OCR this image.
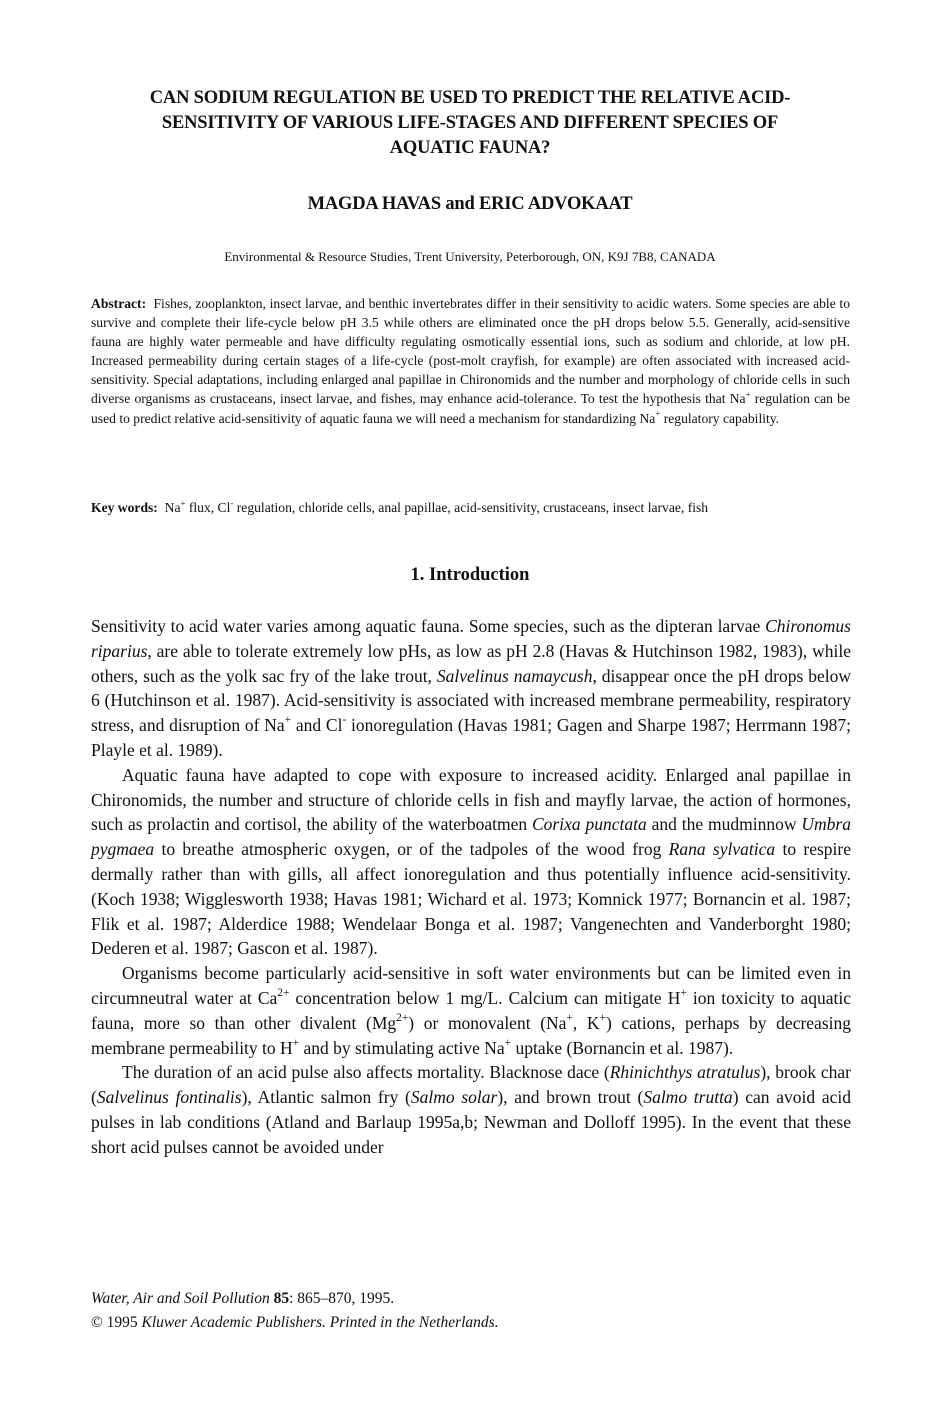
CAN SODIUM REGULATION BE USED TO PREDICT THE RELATIVE ACID-
SENSITIVITY OF VARIOUS LIFE-STAGES AND DIFFERENT SPECIES OF
AQUATIC FAUNA?
MAGDA HAVAS and ERIC ADVOKAAT
Environmental & Resource Studies, Trent University, Peterborough, ON, K9J 7B8, CANADA
Abstract: Fishes, zooplankton, insect larvae, and benthic invertebrates differ in their sensitivity to acidic waters. Some species are able to survive and complete their life-cycle below pH 3.5 while others are eliminated once the pH drops below 5.5. Generally, acid-sensitive fauna are highly water permeable and have difficulty regulating osmotically essential ions, such as sodium and chloride, at low pH. Increased permeability during certain stages of a life-cycle (post-molt crayfish, for example) are often associated with increased acid-sensitivity. Special adaptations, including enlarged anal papillae in Chironomids and the number and morphology of chloride cells in such diverse organisms as crustaceans, insect larvae, and fishes, may enhance acid-tolerance. To test the hypothesis that Na+ regulation can be used to predict relative acid-sensitivity of aquatic fauna we will need a mechanism for standardizing Na+ regulatory capability.
Key words: Na+ flux, Cl- regulation, chloride cells, anal papillae, acid-sensitivity, crustaceans, insect larvae, fish
1. Introduction

Sensitivity to acid water varies among aquatic fauna. Some species, such as the dipteran larvae Chironomus riparius, are able to tolerate extremely low pHs, as low as pH 2.8 (Havas & Hutchinson 1982, 1983), while others, such as the yolk sac fry of the lake trout, Salvelinus namaycush, disappear once the pH drops below 6 (Hutchinson et al. 1987). Acid-sensitivity is associated with increased membrane permeability, respiratory stress, and disruption of Na+ and Cl- ionoregulation (Havas 1981; Gagen and Sharpe 1987; Herrmann 1987; Playle et al. 1989).

Aquatic fauna have adapted to cope with exposure to increased acidity. Enlarged anal papillae in Chironomids, the number and structure of chloride cells in fish and mayfly larvae, the action of hormones, such as prolactin and cortisol, the ability of the waterboatmen Corixa punctata and the mudminnow Umbra pygmaea to breathe atmospheric oxygen, or of the tadpoles of the wood frog Rana sylvatica to respire dermally rather than with gills, all affect ionoregulation and thus potentially influence acid-sensitivity. (Koch 1938; Wigglesworth 1938; Havas 1981; Wichard et al. 1973; Komnick 1977; Bornancin et al. 1987; Flik et al. 1987; Alderdice 1988; Wendelaar Bonga et al. 1987; Vangenechten and Vanderborght 1980; Dederen et al. 1987; Gascon et al. 1987).

Organisms become particularly acid-sensitive in soft water environments but can be limited even in circumneutral water at $Ca^{2+}$ concentration below 1 mg/L. Calcium can mitigate H+ ion toxicity to aquatic fauna, more so than other divalent $(Mg^{2+})$ or monovalent (Na+, K+) cations, perhaps by decreasing membrane permeability to H+ and by stimulating active Na+ uptake (Bornancin et al. 1987).

The duration of an acid pulse also affects mortality. Blacknose dace (Rhinichthys atratulus), brook char (Salvelinus fontinalis), Atlantic salmon fry (Salmo solar), and brown trout (Salmo trutta) can avoid acid pulses in lab conditions (Atland and Barlaup 1995a,b; Newman and Dolloff 1995). In the event that these short acid pulses cannot be avoided under

Water, Air and Soil Pollution 85: 865–870, 1995.
© 1995 Kluwer Academic Publishers. Printed in the Netherlands.
